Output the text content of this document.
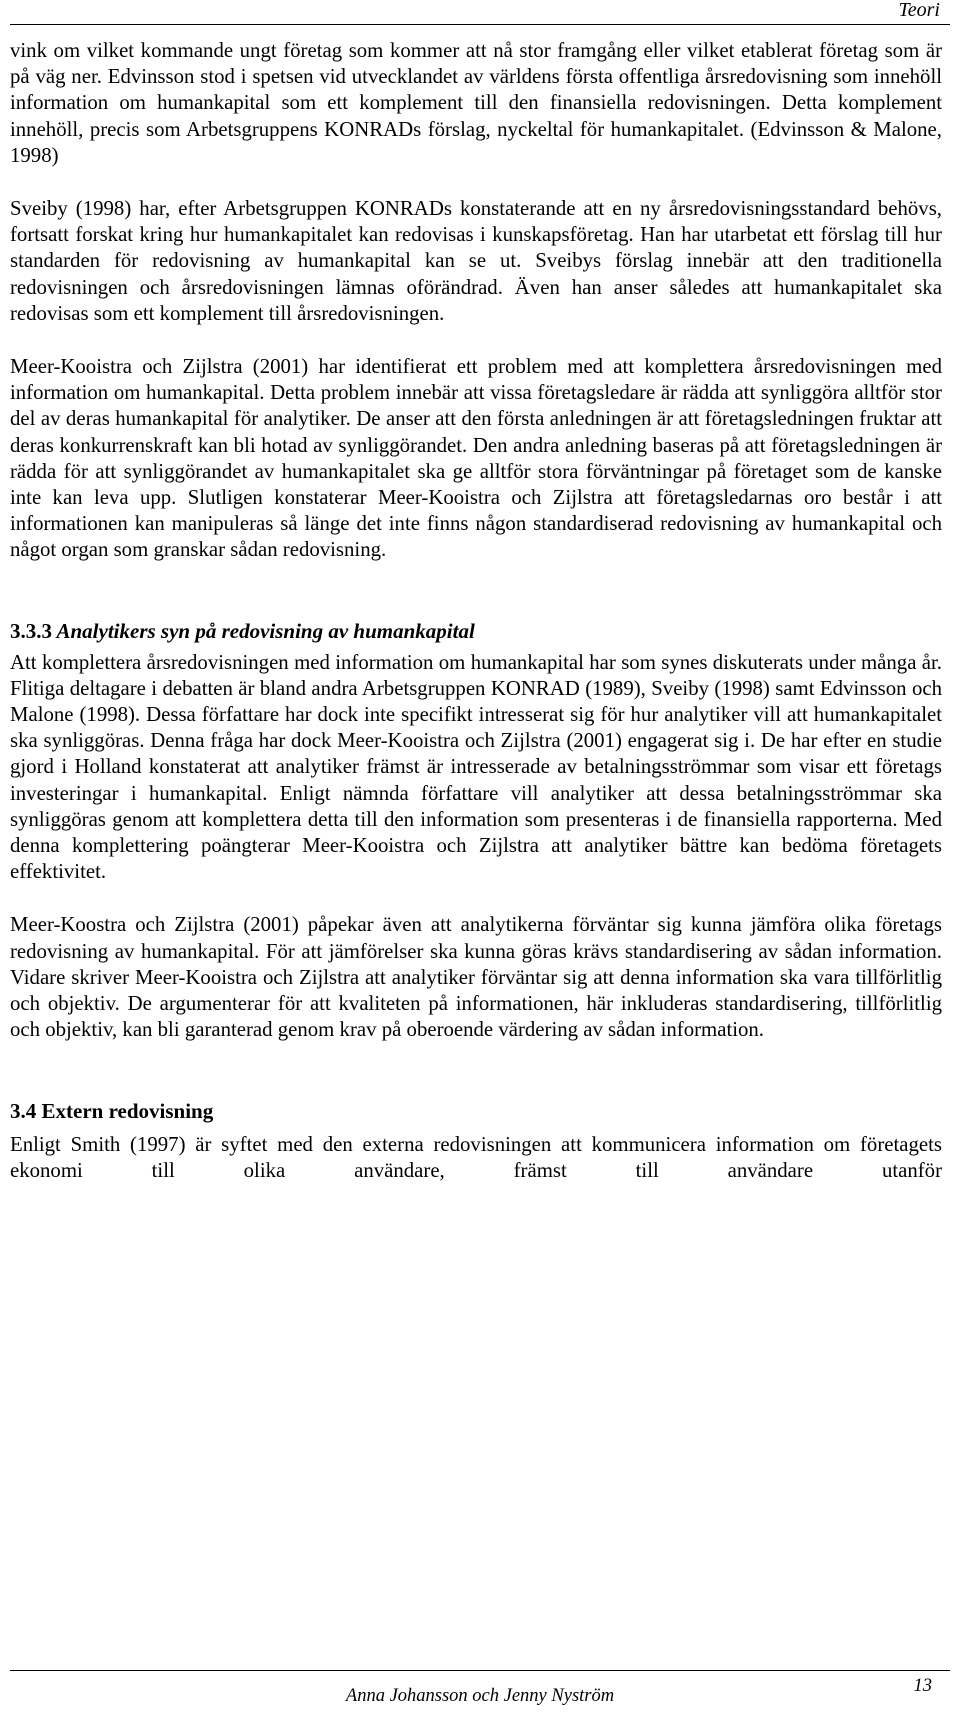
Teori

vink om vilket kommande ungt företag som kommer att nå stor framgång eller vilket etablerat företag som är på väg ner. Edvinsson stod i spetsen vid utvecklandet av världens första offentliga årsredovisning som innehöll information om humankapital som ett komplement till den finansiella redovisningen. Detta komplement innehöll, precis som Arbetsgruppens KONRADs förslag, nyckeltal för humankapitalet. (Edvinsson & Malone, 1998)

Sveiby (1998) har, efter Arbetsgruppen KONRADs konstaterande att en ny årsredovisningsstandard behövs, fortsatt forskat kring hur humankapitalet kan redovisas i kunskapsföretag. Han har utarbetat ett förslag till hur standarden för redovisning av humankapital kan se ut. Sveibys förslag innebär att den traditionella redovisningen och årsredovisningen lämnas oförändrad. Även han anser således att humankapitalet ska redovisas som ett komplement till årsredovisningen.

Meer-Kooistra och Zijlstra (2001) har identifierat ett problem med att komplettera årsredovisningen med information om humankapital. Detta problem innebär att vissa företagsledare är rädda att synliggöra alltför stor del av deras humankapital för analytiker. De anser att den första anledningen är att företagsledningen fruktar att deras konkurrenskraft kan bli hotad av synliggörandet. Den andra anledning baseras på att företagsledningen är rädda för att synliggörandet av humankapitalet ska ge alltför stora förväntningar på företaget som de kanske inte kan leva upp. Slutligen konstaterar Meer-Kooistra och Zijlstra att företagsledarnas oro består i att informationen kan manipuleras så länge det inte finns någon standardiserad redovisning av humankapital och något organ som granskar sådan redovisning.

3.3.3 Analytikers syn på redovisning av humankapital

Att komplettera årsredovisningen med information om humankapital har som synes diskuterats under många år. Flitiga deltagare i debatten är bland andra Arbetsgruppen KONRAD (1989), Sveiby (1998) samt Edvinsson och Malone (1998). Dessa författare har dock inte specifikt intresserat sig för hur analytiker vill att humankapitalet ska synliggöras. Denna fråga har dock Meer-Kooistra och Zijlstra (2001) engagerat sig i. De har efter en studie gjord i Holland konstaterat att analytiker främst är intresserade av betalningsströmmar som visar ett företags investeringar i humankapital. Enligt nämnda författare vill analytiker att dessa betalningsströmmar ska synliggöras genom att komplettera detta till den information som presenteras i de finansiella rapporterna. Med denna komplettering poängterar Meer-Kooistra och Zijlstra att analytiker bättre kan bedöma företagets effektivitet.

Meer-Koostra och Zijlstra (2001) påpekar även att analytikerna förväntar sig kunna jämföra olika företags redovisning av humankapital. För att jämförelser ska kunna göras krävs standardisering av sådan information. Vidare skriver Meer-Kooistra och Zijlstra att analytiker förväntar sig att denna information ska vara tillförlitlig och objektiv. De argumenterar för att kvaliteten på informationen, här inkluderas standardisering, tillförlitlig och objektiv, kan bli garanterad genom krav på oberoende värdering av sådan information.

3.4 Extern redovisning

Enligt Smith (1997) är syftet med den externa redovisningen att kommunicera information om företagets ekonomi till olika användare, främst till användare utanför

Anna Johansson och Jenny Nyström	13
